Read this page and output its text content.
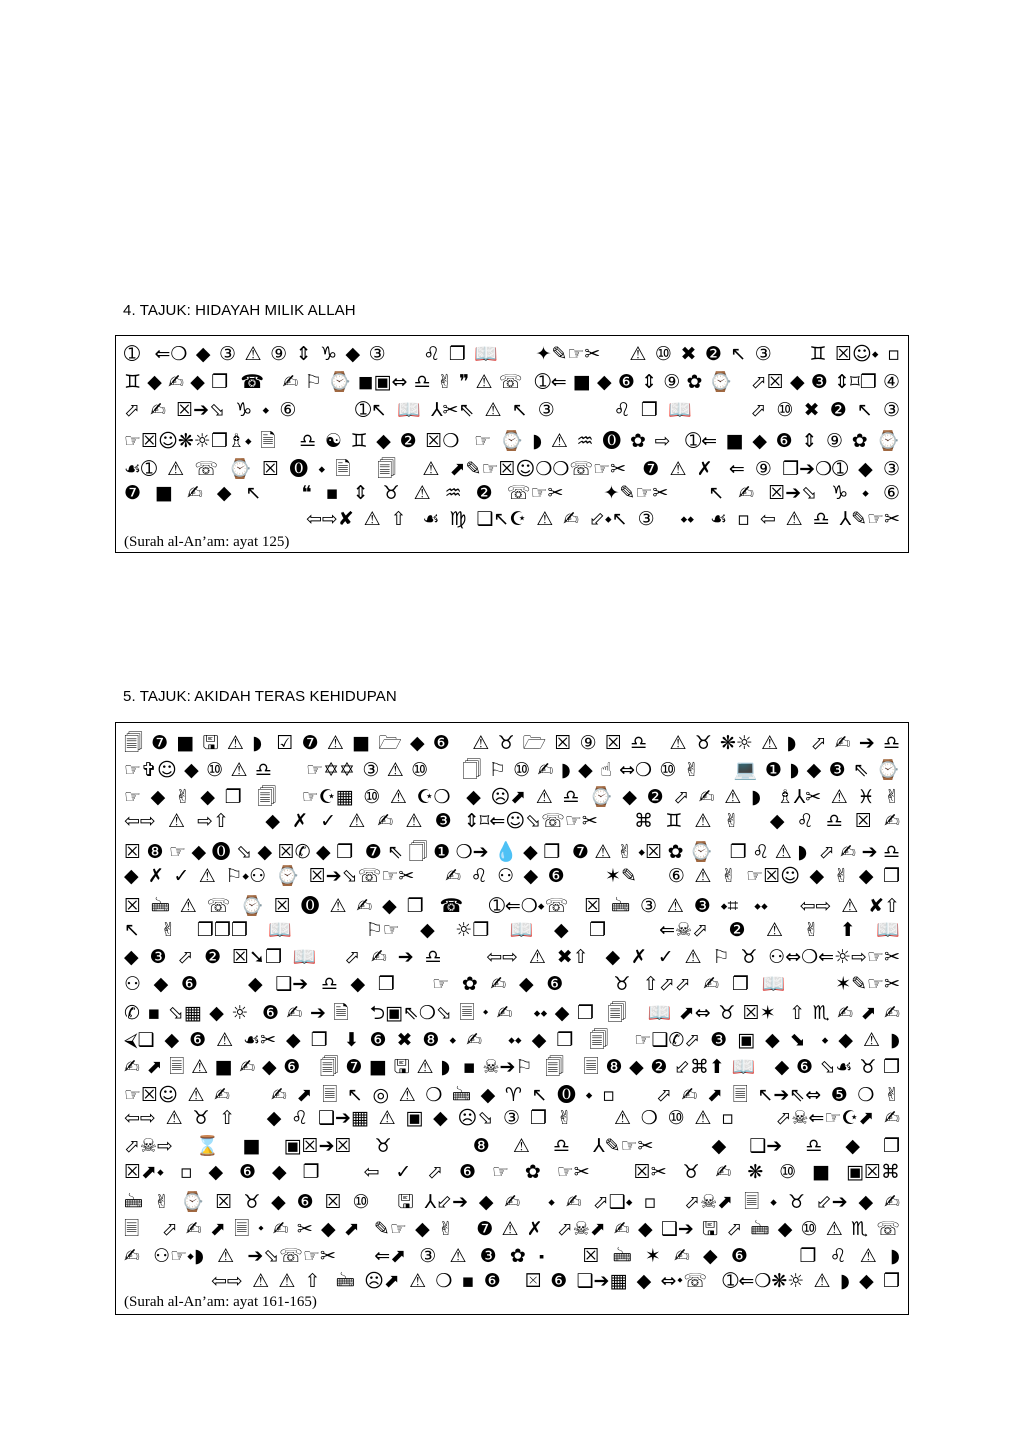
4. TAJUK: HIDAYAH MILIK ALLAH
➀ ⇐❍◆③⚠⑨⇕♑◆③  ♌❐📖  ✦✎☞✂  ⚠⑩✖❷↖③  ♊☒☺⬩▫
♊◆✍◆❐ ☎ ✍⚐⌚◼▣⇔♎✌❞⚠☏ ➀⇐■◆❻⇕⑨✿⌚ ⬀☒◆❸⇕⌑❐④
⬀✍☒➔⬂♑⬩⑥   ➀↖📖⅄✂⇖⚠↖③   ♌❐📖   ⬀⑩✖❷↖③
☞☒☺❋☼❐♗⬩🗎 ♎☯♊◆❷☒❍ ☞⌚◗⚠♒⓿✿⇨ ➀⇐■◆❻⇕⑨✿⌚
☙➀⚠☏⌚☒⓿⬩🗎 🗐 ⚠⬈✎☞☒☺❍❍☏☞✂ ❼⚠✗ ⇐⑨❐➔❍➀◆③
❼■✍◆↖  ❝▪⇕♉⚠♒❷☏☞✂  ✦✎☞✂  ↖✍☒➔⬂♑⬩⑥
⇦⇨✘⚠⇧ ☙♍❑↖☪⚠✍⬃⬩↖③ ⬩⬩ ☙▫⇦⚠♎⅄✎☞✂
(Surah al-An’am: ayat 125)
5. TAJUK: AKIDAH TERAS KEHIDUPAN
🗐❼■🖫⚠◗ ☑❼⚠■🗁◆❻ ⚠♉🗁☒⑨☒♎ ⚠♉❋☼⚠◗ ⬀✍➔♎
☞✞☺◆⑩⚠♎  ☞✡✡③⚠⑩  🗍⚐⑩✍◗◆☝⇔❍⑩✌  💻❶◗◆❸⇖⌚
☞◆✌◆❐ 🗐 ☞☪▦⑩⚠☪❍ ◆☹⬈⚠♎⌚◆❷⬀✍⚠◗ ♗⅄✂⚠♓✌
⇦⇨⚠⇨⇧  ◆✗✓⚠✍⚠❸⇕⌑⇐☺⬂☏☞✂  ⌘♊⚠✌ ◆♌♎☒✍
☒❽☞◆⓿⬂◆☒✆◆❐ ❼⇖🗍❶❍➔💧◆❐ ❼⚠✌⬩☒✿⌚ ❐♌⚠◗ ⬀✍➔♎
◆✗✓⚠⚐⬩⚇⌚☒➔⬂☏☞✂  ✍♌⚇◆❻  ✶✎  ⑥⚠✌☞☒☺◆✌◆❐
☒🖮⚠☏⌚☒⓿⚠✍◆❐ ☎ ➀⇐❍⬩☏ ☒🖮③⚠❸⬩⌗ ⬩⬩  ⇦⇨⚠✘⇧
↖✌❐❐❐📖  ⚐☞◆☼❐📖◆❐  ⇐☠⬀❷⚠✌⬆📖
◆❸⬀❷☒➘❐📖 ⬀✍➔♎  ⇦⇨⚠✖⇧ ◆✗✓⚠⚐♉⚇⇔❍⇐☼⇨☞✂
⚇◆❻  ◆❑➔♎◆❐  ☞✿✍◆❻  ♉⇧⬀⬀✍❐📖  ✶✎☞✂
✆▪⬂▦◆☼ ❻✍➔🗎 ⮌▣⇖❍⬂🗏⬩✍ ⬩⬩◆❐ 🗐 📖⬈⇔♉☒✶ ⇧♏✍⬈✍
⮘❑◆❻⚠☙✂◆❐ ⬇❻✖❽⬩✍ ⬩⬩◆❐ 🗐 ☞❑✆⬀❸▣◆⬊ ⬩◆⚠◗
✍⬈🗏⚠■✍◆❻ 🗐❼■🖫⚠◗ ▪☠➔⚐ 🗐 🗏❽◆❷⬃⌘⬆📖 ◆❻⬂☙♉❐
☞☒☺⚠✍  ✍⬈🗏↖◎⚠❍🖮◆♈↖⓿⬩▫  ⬀✍⬈🗏↖➔⇖⇔❺❍✌
⇦⇨⚠♉⇧  ◆♌❑➔▦⚠▣◆☹⬂③❐✌  ⚠❍⑩⚠▫  ⬀☠⇐☞☪⬈✍
⬀☠⇨⌛■▣☒➔☒♉  ❽⚠♎⅄✎☞✂  ◆❑➔♎◆❐
☒⬈⬩▫◆❻◆❐  ⇦✓⬀❻☞✿☞✂  ☒✂♉✍❋⑩■▣☒⌘
🖮✌⌚☒♉◆❻☒⑩ 🖫⅄⬃➔◆✍ ⬩✍⬀❑⬩▫ ⬀☠⬈🗏⬩♉⬃➔◆✍
🗏 ⬀✍⬈🗏⬩✍✂◆⬈ ✎☞◆✌ ❼⚠✗ ⬀☠⬈✍◆❑➔🖫⬀🖮◆⑩⚠♏☏
✍⚇☞⬩◗⚠➔⬂☏☞✂  ⇐⬈③⚠❸✿⬝  ☒🖮✶✍◆❻  ❐♌⚠◗
⇦⇨⚠⚠⇧ 🖮☹⬈⚠❍▪❻ ⮽❻❑➔▦◆⇔⬩☏ ➀⇐❍❋☼⚠◗◆❐
(Surah al-An’am: ayat 161-165)
